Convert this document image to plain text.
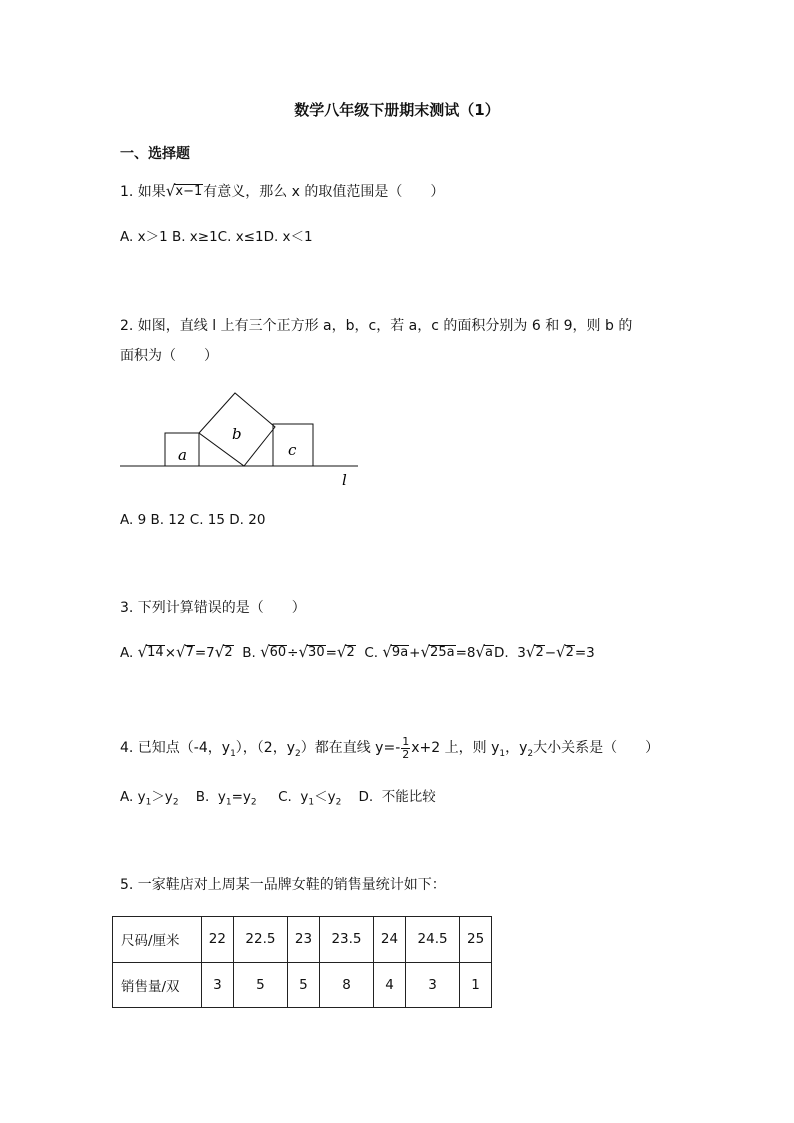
数学八年级下册期末测试（1）
一、选择题
1. 如果 √ x−1 有意义，那么 x 的取值范围是（　　）
A. x＞1 B. x≥1C. x≤1D. x＜1
2. 如图，直线 l 上有三个正方形 a，b，c，若 a，c 的面积分别为 6 和 9，则 b 的
面积为（　　）
a
b
c
l
A. 9 B. 12 C. 15 D. 20
3. 下列计算错误的是（　　）
A. √ 14 × √ 7 =7 √ 2 B. √ 60 ÷ √ 30 = √ 2 C. √ 9a + √ 25a =8 √ a D. 3 √ 2 − √ 2 =3
4. 已知点（-4，$y_1$），（2，$y_2$）都在直线 $y=- \frac{1}{2} x+2$ 上，则 $y_1$，$y_2$大小关系是（　　）
A. $y_1>y_2$    B.  $y_1=y_2$     C.  $y_1<y_2$    D.  不能比较
5. 一家鞋店对上周某一品牌女鞋的销售量统计如下：
尺码/厘米	22	22.5	23	23.5	24	24.5	25
销售量/双	3	5	5	8	4	3	1
